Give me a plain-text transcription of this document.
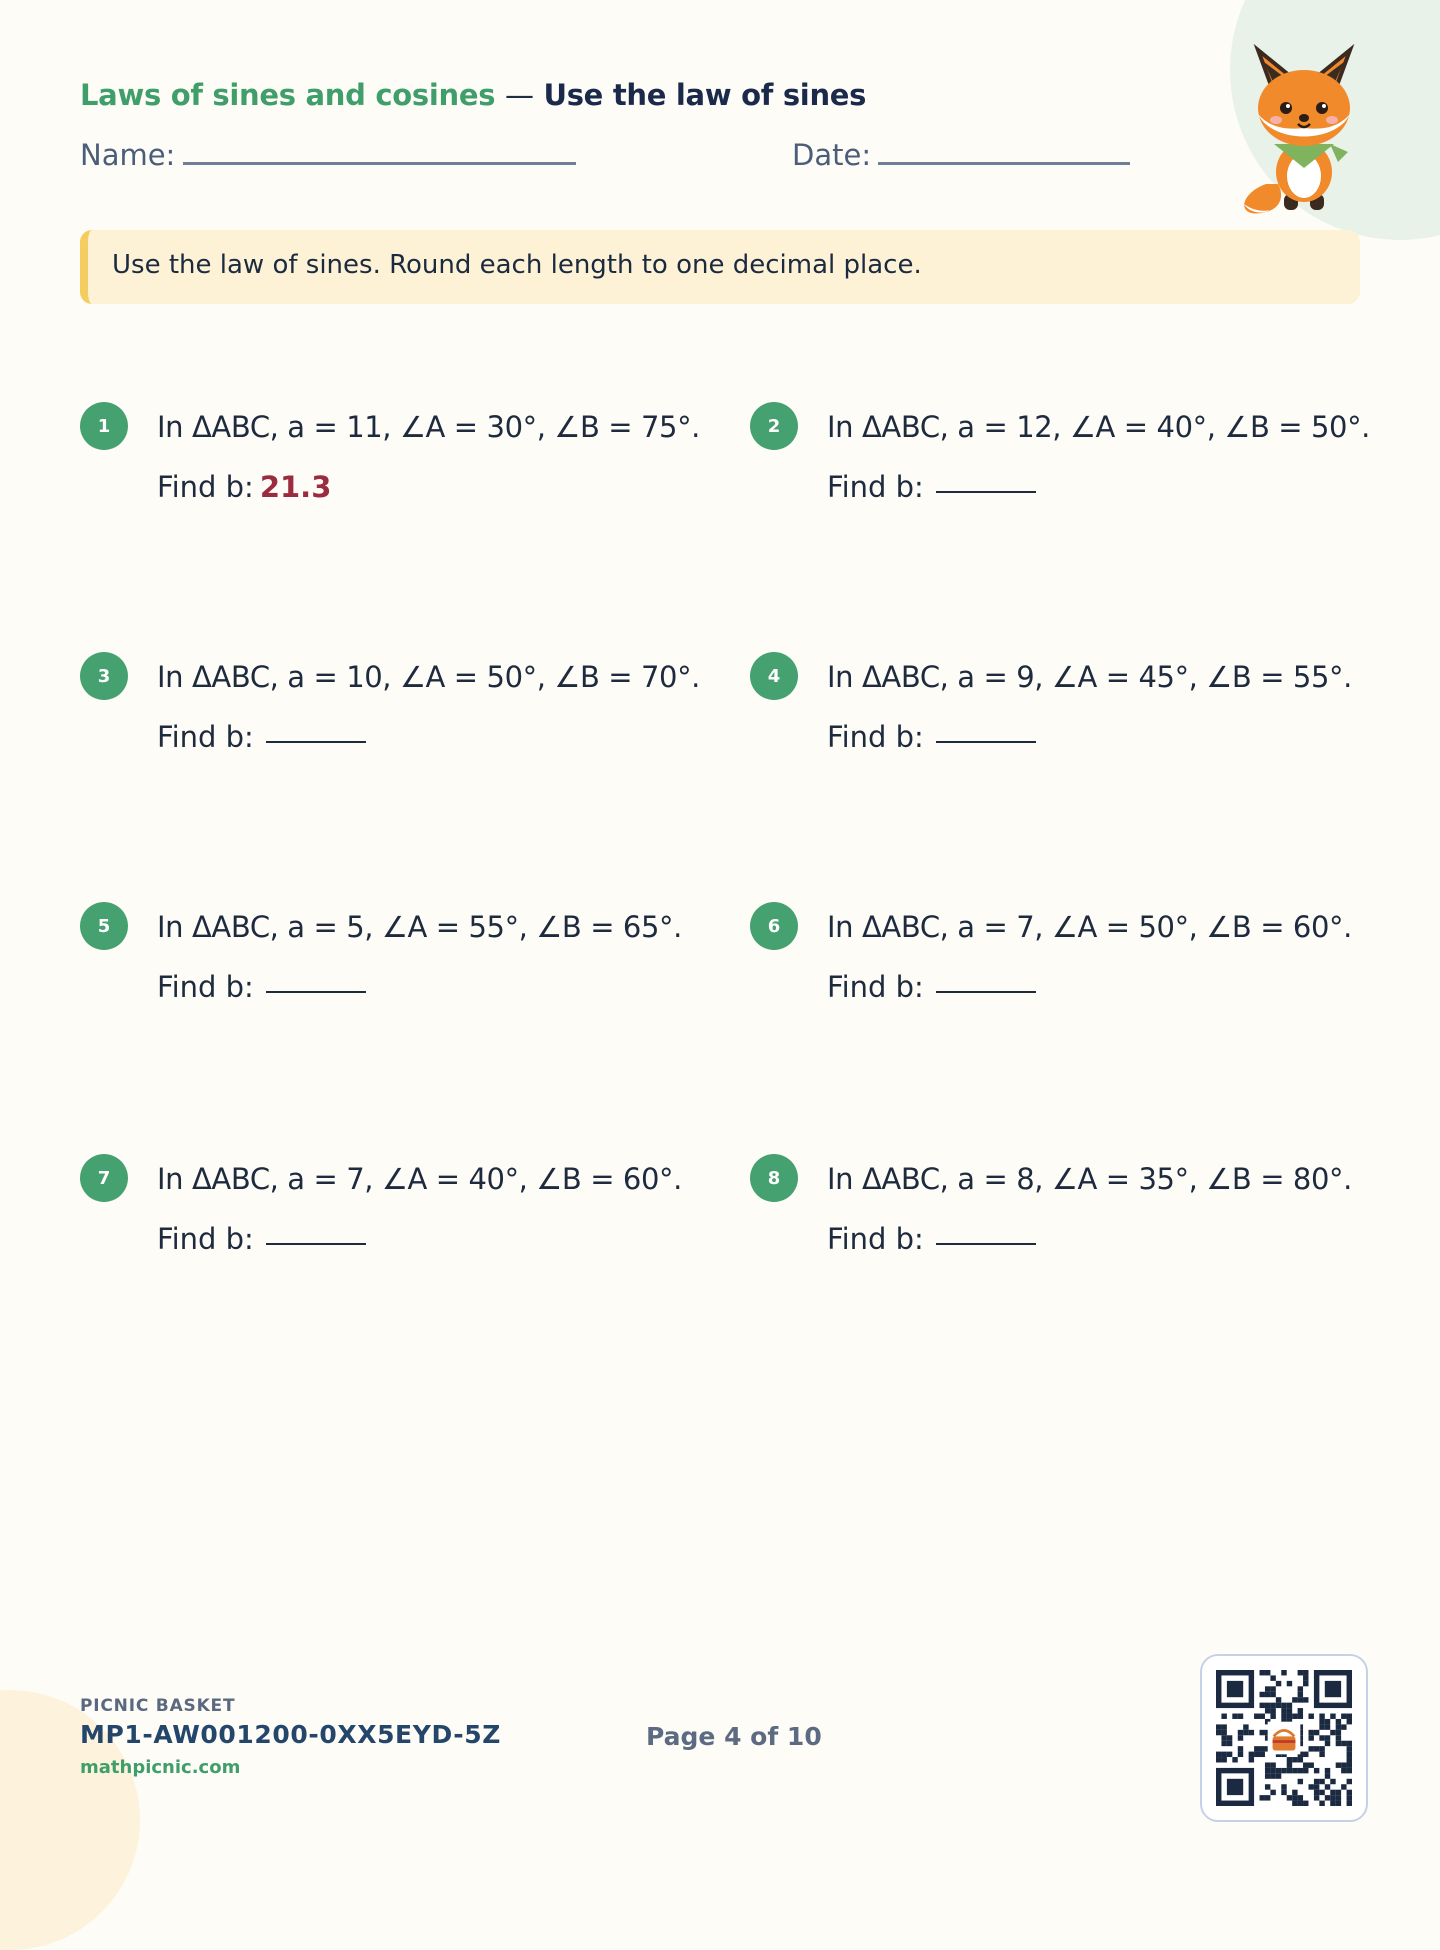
Laws of sines and cosines — Use the law of sines
Name:	Date:
Use the law of sines. Round each length to one decimal place.
1	In ΔABC, a = 11, ∠A = 30°, ∠B = 75°.
Find b: 21.3
2	In ΔABC, a = 12, ∠A = 40°, ∠B = 50°.
Find b:
3	In ΔABC, a = 10, ∠A = 50°, ∠B = 70°.
Find b:
4	In ΔABC, a = 9, ∠A = 45°, ∠B = 55°.
Find b:
5	In ΔABC, a = 5, ∠A = 55°, ∠B = 65°.
Find b:
6	In ΔABC, a = 7, ∠A = 50°, ∠B = 60°.
Find b:
7	In ΔABC, a = 7, ∠A = 40°, ∠B = 60°.
Find b:
8	In ΔABC, a = 8, ∠A = 35°, ∠B = 80°.
Find b:
PICNIC BASKET
MP1-AW001200-0XX5EYD-5Z
mathpicnic.com
Page 4 of 10
